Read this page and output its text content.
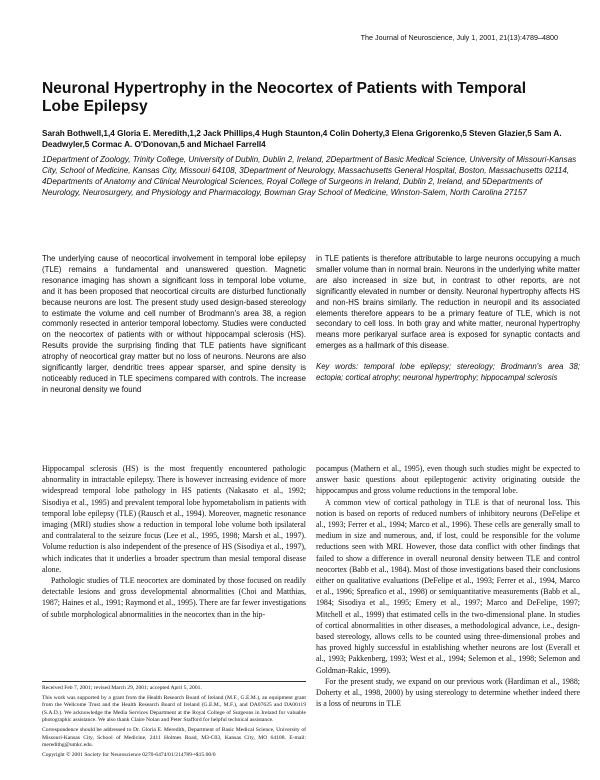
The Journal of Neuroscience, July 1, 2001, 21(13):4789–4800
Neuronal Hypertrophy in the Neocortex of Patients with Temporal Lobe Epilepsy
Sarah Bothwell,1,4 Gloria E. Meredith,1,2 Jack Phillips,4 Hugh Staunton,4 Colin Doherty,3 Elena Grigorenko,5 Steven Glazier,5 Sam A. Deadwyler,5 Cormac A. O'Donovan,5 and Michael Farrell4
1Department of Zoology, Trinity College, University of Dublin, Dublin 2, Ireland, 2Department of Basic Medical Science, University of Missouri-Kansas City, School of Medicine, Kansas City, Missouri 64108, 3Department of Neurology, Massachusetts General Hospital, Boston, Massachusetts 02114, 4Departments of Anatomy and Clinical Neurological Sciences, Royal College of Surgeons in Ireland, Dublin 2, Ireland, and 5Departments of Neurology, Neurosurgery, and Physiology and Pharmacology, Bowman Gray School of Medicine, Winston-Salem, North Carolina 27157
The underlying cause of neocortical involvement in temporal lobe epilepsy (TLE) remains a fundamental and unanswered question. Magnetic resonance imaging has shown a significant loss in temporal lobe volume, and it has been proposed that neocortical circuits are disturbed functionally because neurons are lost. The present study used design-based stereology to estimate the volume and cell number of Brodmann's area 38, a region commonly resected in anterior temporal lobectomy. Studies were conducted on the neocortex of patients with or without hippocampal sclerosis (HS). Results provide the surprising finding that TLE patients have significant atrophy of neocortical gray matter but no loss of neurons. Neurons are also significantly larger, dendritic trees appear sparser, and spine density is noticeably reduced in TLE specimens compared with controls. The increase in neuronal density we found
in TLE patients is therefore attributable to large neurons occupying a much smaller volume than in normal brain. Neurons in the underlying white matter are also increased in size but, in contrast to other reports, are not significantly elevated in number or density. Neuronal hypertrophy affects HS and non-HS brains similarly. The reduction in neuropil and its associated elements therefore appears to be a primary feature of TLE, which is not secondary to cell loss. In both gray and white matter, neuronal hypertrophy means more perikaryal surface area is exposed for synaptic contacts and emerges as a hallmark of this disease.
Key words: temporal lobe epilepsy; stereology; Brodmann's area 38; ectopia; cortical atrophy; neuronal hypertrophy; hippocampal sclerosis

Hippocampal sclerosis (HS) is the most frequently encountered pathologic abnormality in intractable epilepsy. There is however increasing evidence of more widespread temporal lobe pathology in HS patients (Nakasato et al., 1992; Sisodiya et al., 1995) and prevalent temporal lobe hypometabolism in patients with temporal lobe epilepsy (TLE) (Rausch et al., 1994). Moreover, magnetic resonance imaging (MRI) studies show a reduction in temporal lobe volume both ipsilateral and contralateral to the seizure focus (Lee et al., 1995, 1998; Marsh et al., 1997). Volume reduction is also independent of the presence of HS (Sisodiya et al., 1997), which indicates that it underlies a broader spectrum than mesial temporal disease alone.

Pathologic studies of TLE neocortex are dominated by those focused on readily detectable lesions and gross developmental abnormalities (Choi and Matthias, 1987; Haines et al., 1991; Raymond et al., 1995). There are far fewer investigations of subtle morphological abnormalities in the neocortex than in the hip-

pocampus (Mathern et al., 1995), even though such studies might be expected to answer basic questions about epileptogenic activity originating outside the hippocampus and gross volume reductions in the temporal lobe.

A common view of cortical pathology in TLE is that of neuronal loss. This notion is based on reports of reduced numbers of inhibitory neurons (DeFelipe et al., 1993; Ferrer et al., 1994; Marco et al., 1996). These cells are generally small to medium in size and numerous, and, if lost, could be responsible for the volume reductions seen with MRI. However, those data conflict with other findings that failed to show a difference in overall neuronal density between TLE and control neocortex (Babb et al., 1984). Most of those investigations based their conclusions either on qualitative evaluations (DeFelipe et al., 1993; Ferrer et al., 1994, Marco et al., 1996; Spreafico et al., 1998) or semiquantitative measurements (Babb et al., 1984; Sisodiya et al., 1995; Emery et al., 1997; Marco and DeFelipe, 1997; Mitchell et al., 1999) that estimated cells in the two-dimensional plane. In studies of cortical abnormalities in other diseases, a methodological advance, i.e., design-based stereology, allows cells to be counted using three-dimensional probes and has proved highly successful in establishing whether neurons are lost (Everall et al., 1993; Pakkenberg, 1993; West et al., 1994; Selemon et al., 1998; Selemon and Goldman-Rakic, 1999).

For the present study, we expand on our previous work (Hardiman et al., 1988; Doherty et al., 1998, 2000) by using stereology to determine whether indeed there is a loss of neurons in TLE

Received Feb 7, 2001; revised March 29, 2001; accepted April 5, 2001.

This work was supported by a grant from the Health Research Board of Ireland (M.F., G.E.M.), an equipment grant from the Wellcome Trust and the Health Research Board of Ireland (G.E.M., M.F.), and DA07625 and DA00119 (S.A.D.). We acknowledge the Media Services Department at the Royal College of Surgeons in Ireland for valuable photographic assistance. We also thank Claire Nolan and Peter Stafford for helpful technical assistance.

Correspondence should be addressed to Dr. Gloria E. Meredith, Department of Basic Medical Science, University of Missouri-Kansas City, School of Medicine, 2411 Holmes Road, M3-C03, Kansas City, MO 64108. E-mail: meredithg@umkc.edu.

Copyright © 2001 Society for Neuroscience 0270-6474/01/214789-•$15.00/0
